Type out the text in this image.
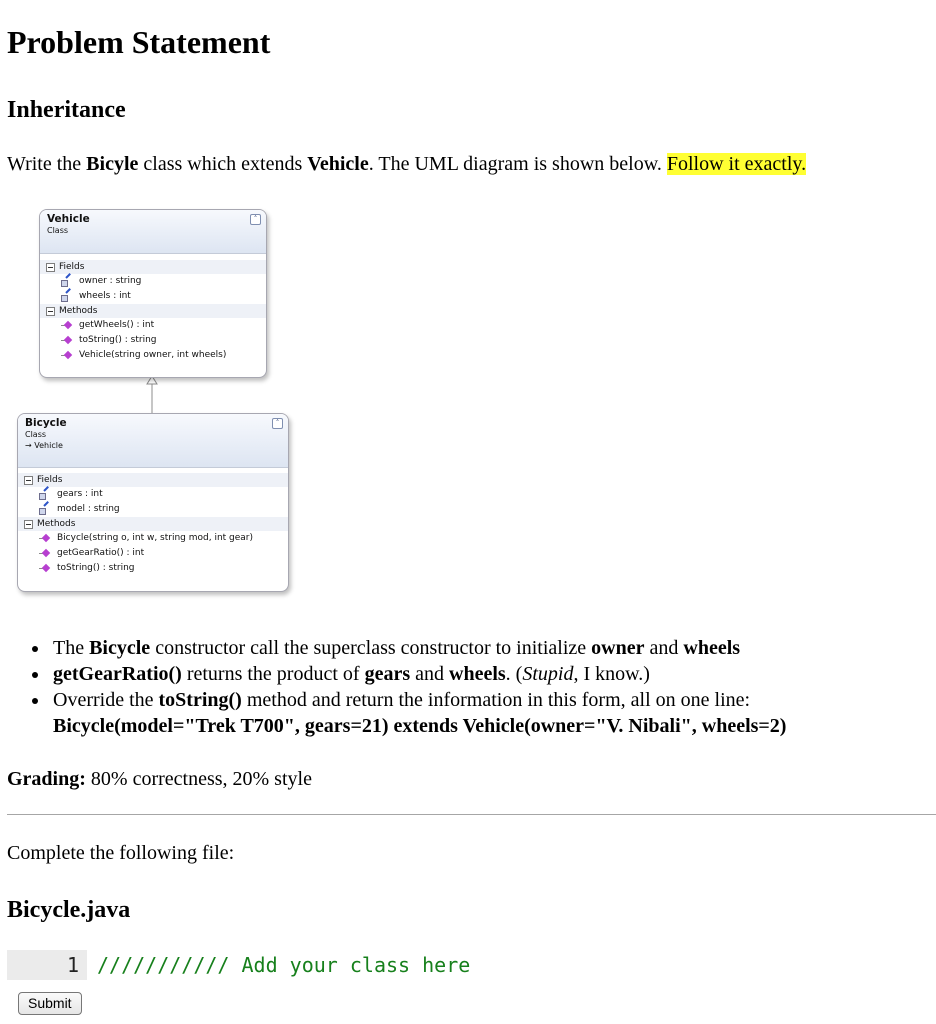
Problem Statement
Inheritance
Write the Bicyle class which extends Vehicle. The UML diagram is shown below. Follow it exactly.
Vehicle
Class
˄
Fields
owner : string
wheels : int
Methods
getWheels() : int
toString() : string
Vehicle(string owner, int wheels)
Bicycle
Class
→ Vehicle
˄
Fields
gears : int
model : string
Methods
Bicycle(string o, int w, string mod, int gear)
getGearRatio() : int
toString() : string
The Bicycle constructor call the superclass constructor to initialize owner and wheels
getGearRatio() returns the product of gears and wheels. (Stupid, I know.)
Override the toString() method and return the information in this form, all on one line:
Bicycle(model="Trek T700", gears=21) extends Vehicle(owner="V. Nibali", wheels=2)
Grading: 80% correctness, 20% style
Complete the following file:
Bicycle.java
1 /////////// Add your class here
Submit
